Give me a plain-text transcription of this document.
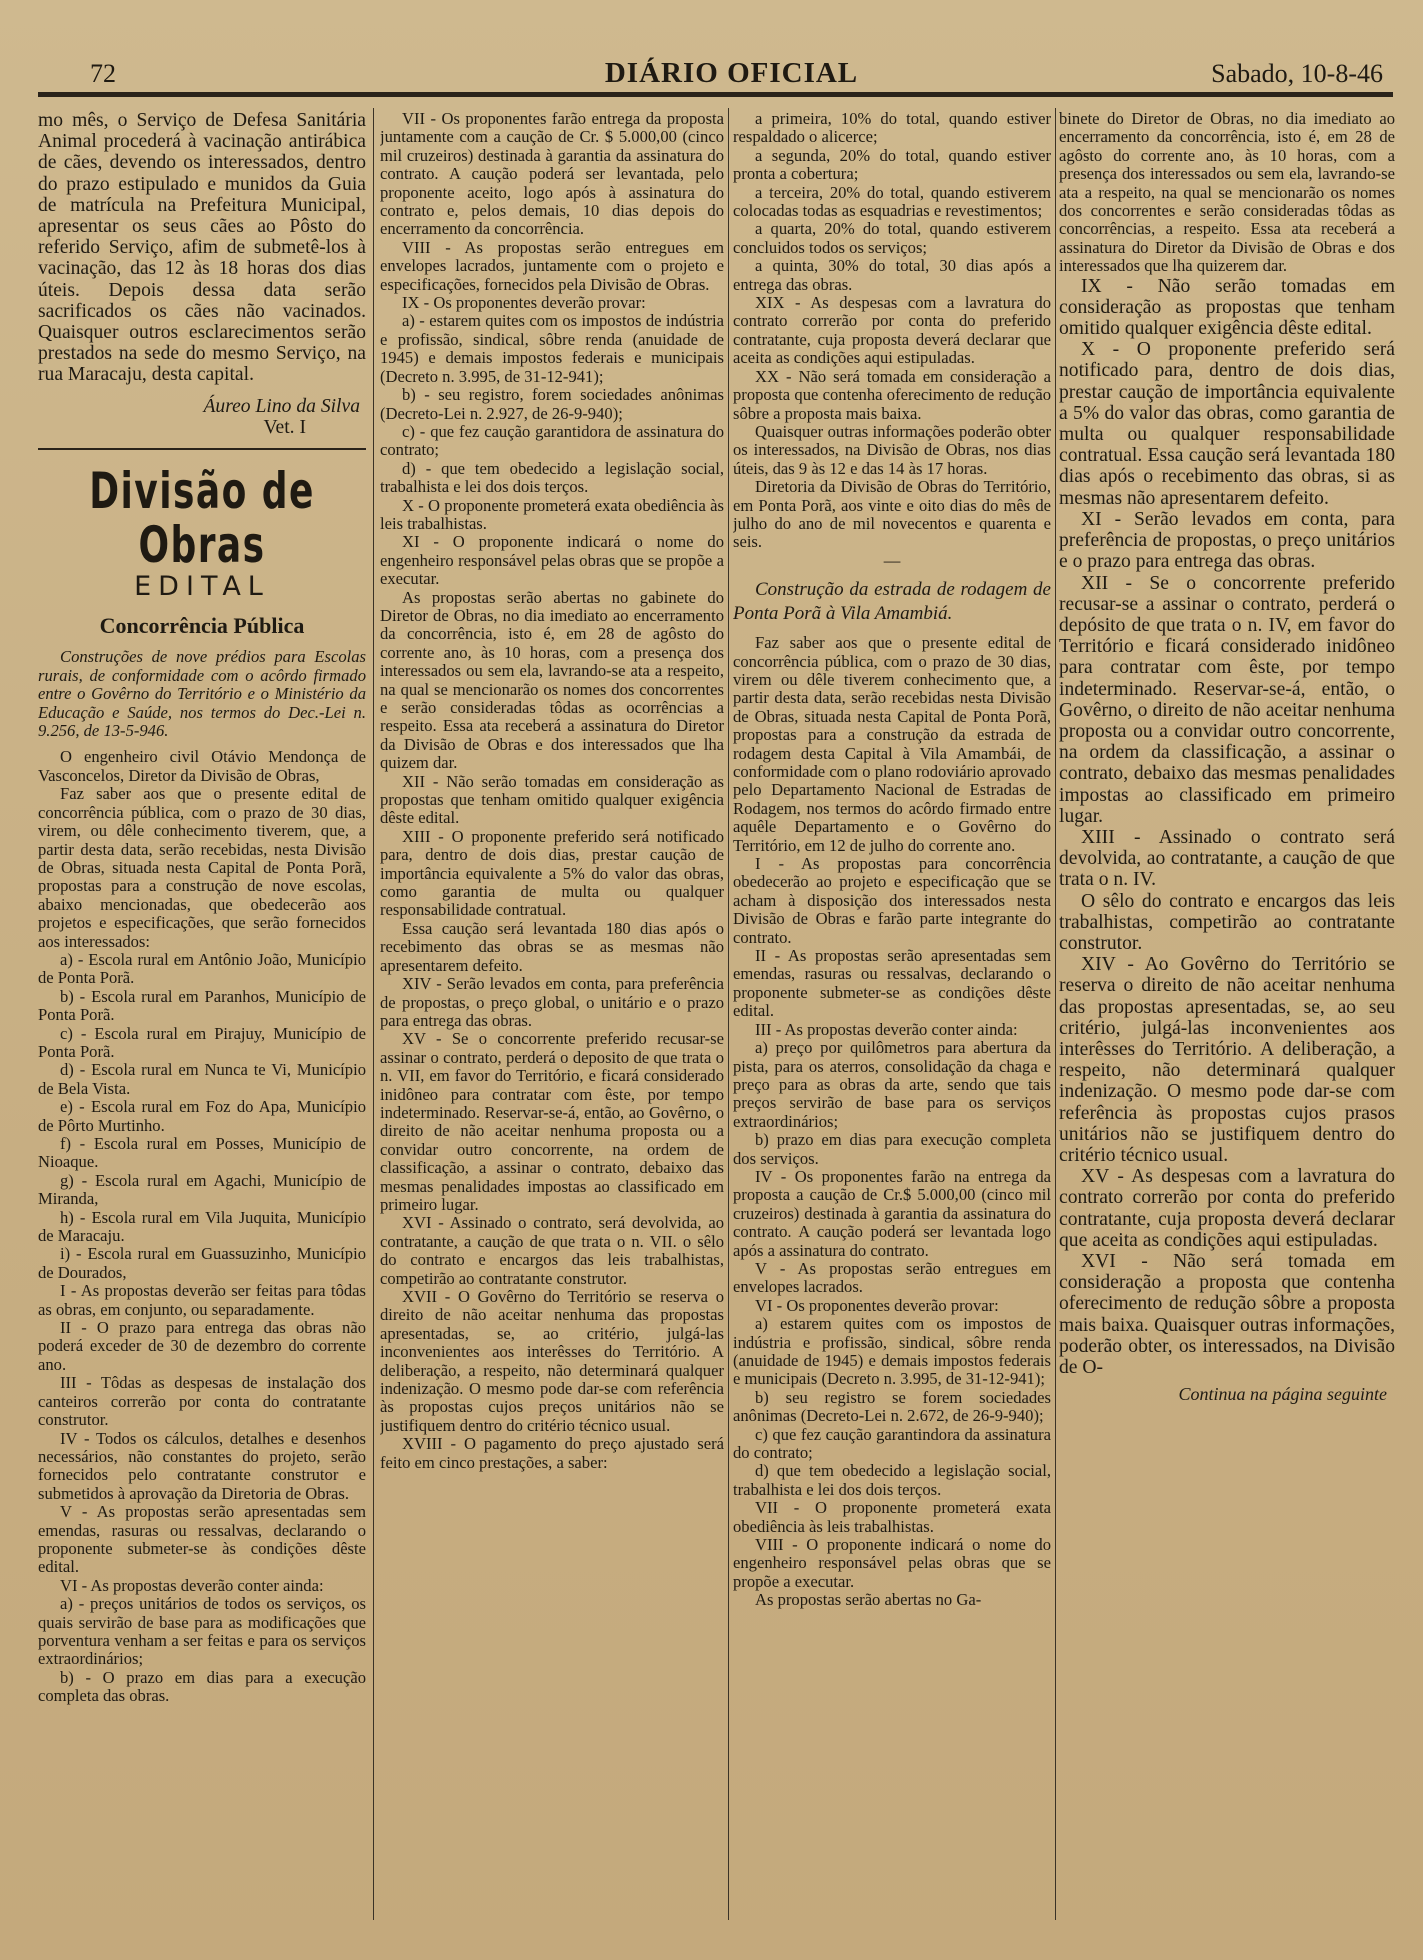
72	DIÁRIO OFICIAL	Sabado, 10-8-46

mo mês, o Serviço de Defesa Sanitária Animal procederá à vacinação antirábica de cães, devendo os interessados, dentro do prazo estipulado e munidos da Guia de matrícula na Prefeitura Municipal, apresentar os seus cães ao Pôsto do referido Serviço, afim de submetê-los à vacinação, das 12 às 18 horas dos dias úteis. Depois dessa data serão sacrificados os cães não vacinados. Quaisquer outros esclarecimentos serão prestados na sede do mesmo Serviço, na rua Maracaju, desta capital.

Áureo Lino da Silva
Vet. I
Divisão de Obras
EDITAL
Concorrência Pública

Construções de nove prédios para Escolas rurais, de conformidade com o acôrdo firmado entre o Govêrno do Território e o Ministério da Educação e Saúde, nos termos do Dec.-Lei n. 9.256, de 13-5-946.

O engenheiro civil Otávio Mendonça de Vasconcelos, Diretor da Divisão de Obras,

Faz saber aos que o presente edital de concorrência pública, com o prazo de 30 dias, virem, ou dêle conhecimento tiverem, que, a partir desta data, serão recebidas, nesta Divisão de Obras, situada nesta Capital de Ponta Porã, propostas para a construção de nove escolas, abaixo mencionadas, que obedecerão aos projetos e especificações, que serão fornecidos aos interessados:

a) - Escola rural em Antônio João, Município de Ponta Porã.

b) - Escola rural em Paranhos, Município de Ponta Porã.

c) - Escola rural em Pirajuy, Município de Ponta Porã.

d) - Escola rural em Nunca te Vi, Município de Bela Vista.

e) - Escola rural em Foz do Apa, Município de Pôrto Murtinho.

f) - Escola rural em Posses, Município de Nioaque.

g) - Escola rural em Agachi, Município de Miranda,

h) - Escola rural em Vila Juquita, Município de Maracaju.

i) - Escola rural em Guassuzinho, Município de Dourados,

I - As propostas deverão ser feitas para tôdas as obras, em conjunto, ou separadamente.

II - O prazo para entrega das obras não poderá exceder de 30 de dezembro do corrente ano.

III - Tôdas as despesas de instalação dos canteiros correrão por conta do contratante construtor.

IV - Todos os cálculos, detalhes e desenhos necessários, não constantes do projeto, serão fornecidos pelo contratante construtor e submetidos à aprovação da Diretoria de Obras.

V - As propostas serão apresentadas sem emendas, rasuras ou ressalvas, declarando o proponente submeter-se às condições dêste edital.

VI - As propostas deverão conter ainda:

a) - preços unitários de todos os serviços, os quais servirão de base para as modificações que porventura venham a ser feitas e para os serviços extraordinários;

b) - O prazo em dias para a execução completa das obras.

VII - Os proponentes farão entrega da proposta juntamente com a caução de Cr. $ 5.000,00 (cinco mil cruzeiros) destinada à garantia da assinatura do contrato. A caução poderá ser levantada, pelo proponente aceito, logo após à assinatura do contrato e, pelos demais, 10 dias depois do encerramento da concorrência.

VIII - As propostas serão entregues em envelopes lacrados, juntamente com o projeto e especificações, fornecidos pela Divisão de Obras.

IX - Os proponentes deverão provar:

a) - estarem quites com os impostos de indústria e profissão, sindical, sôbre renda (anuidade de 1945) e demais impostos federais e municipais (Decreto n. 3.995, de 31-12-941);

b) - seu registro, forem sociedades anônimas (Decreto-Lei n. 2.927, de 26-9-940);

c) - que fez caução garantidora de assinatura do contrato;

d) - que tem obedecido a legislação social, trabalhista e lei dos dois terços.

X - O proponente prometerá exata obediência às leis trabalhistas.

XI - O proponente indicará o nome do engenheiro responsável pelas obras que se propõe a executar.

As propostas serão abertas no gabinete do Diretor de Obras, no dia imediato ao encerramento da concorrência, isto é, em 28 de agôsto do corrente ano, às 10 horas, com a presença dos interessados ou sem ela, lavrando-se ata a respeito, na qual se mencionarão os nomes dos concorrentes e serão consideradas tôdas as ocorrências a respeito. Essa ata receberá a assinatura do Diretor da Divisão de Obras e dos interessados que lha quizem dar.

XII - Não serão tomadas em consideração as propostas que tenham omitido qualquer exigência dêste edital.

XIII - O proponente preferido será notificado para, dentro de dois dias, prestar caução de importância equivalente a 5% do valor das obras, como garantia de multa ou qualquer responsabilidade contratual.

Essa caução será levantada 180 dias após o recebimento das obras se as mesmas não apresentarem defeito.

XIV - Serão levados em conta, para preferência de propostas, o preço global, o unitário e o prazo para entrega das obras.

XV - Se o concorrente preferido recusar-se assinar o contrato, perderá o deposito de que trata o n. VII, em favor do Território, e ficará considerado inidôneo para contratar com êste, por tempo indeterminado. Reservar-se-á, então, ao Govêrno, o direito de não aceitar nenhuma proposta ou a convidar outro concorrente, na ordem de classificação, a assinar o contrato, debaixo das mesmas penalidades impostas ao classificado em primeiro lugar.

XVI - Assinado o contrato, será devolvida, ao contratante, a caução de que trata o n. VII. o sêlo do contrato e encargos das leis trabalhistas, competirão ao contratante construtor.

XVII - O Govêrno do Território se reserva o direito de não aceitar nenhuma das propostas apresentadas, se, ao critério, julgá-las inconvenientes aos interêsses do Território. A deliberação, a respeito, não determinará qualquer indenização. O mesmo pode dar-se com referência às propostas cujos preços unitários não se justifiquem dentro do critério técnico usual.

XVIII - O pagamento do preço ajustado será feito em cinco prestações, a saber:

a primeira, 10% do total, quando estiver respaldado o alicerce;

a segunda, 20% do total, quando estiver pronta a cobertura;

a terceira, 20% do total, quando estiverem colocadas todas as esquadrias e revestimentos;

a quarta, 20% do total, quando estiverem concluidos todos os serviços;

a quinta, 30% do total, 30 dias após a entrega das obras.

XIX - As despesas com a lavratura do contrato correrão por conta do preferido contratante, cuja proposta deverá declarar que aceita as condições aqui estipuladas.

XX - Não será tomada em consideração a proposta que contenha oferecimento de redução sôbre a proposta mais baixa.

Quaisquer outras informações poderão obter os interessados, na Divisão de Obras, nos dias úteis, das 9 às 12 e das 14 às 17 horas.

Diretoria da Divisão de Obras do Território, em Ponta Porã, aos vinte e oito dias do mês de julho do ano de mil novecentos e quarenta e seis.

—

Construção da estrada de rodagem de Ponta Porã à Vila Amambiá.

Faz saber aos que o presente edital de concorrência pública, com o prazo de 30 dias, virem ou dêle tiverem conhecimento que, a partir desta data, serão recebidas nesta Divisão de Obras, situada nesta Capital de Ponta Porã, propostas para a construção da estrada de rodagem desta Capital à Vila Amambái, de conformidade com o plano rodoviário aprovado pelo Departamento Nacional de Estradas de Rodagem, nos termos do acôrdo firmado entre aquêle Departamento e o Govêrno do Território, em 12 de julho do corrente ano.

I - As propostas para concorrência obedecerão ao projeto e especificação que se acham à disposição dos interessados nesta Divisão de Obras e farão parte integrante do contrato.

II - As propostas serão apresentadas sem emendas, rasuras ou ressalvas, declarando o proponente submeter-se as condições dêste edital.

III - As propostas deverão conter ainda:

a) preço por quilômetros para abertura da pista, para os aterros, consolidação da chaga e preço para as obras da arte, sendo que tais preços servirão de base para os serviços extraordinários;

b) prazo em dias para execução completa dos serviços.

IV - Os proponentes farão na entrega da proposta a caução de Cr.$ 5.000,00 (cinco mil cruzeiros) destinada à garantia da assinatura do contrato. A caução poderá ser levantada logo após a assinatura do contrato.

V - As propostas serão entregues em envelopes lacrados.

VI - Os proponentes deverão provar:

a) estarem quites com os impostos de indústria e profissão, sindical, sôbre renda (anuidade de 1945) e demais impostos federais e municipais (Decreto n. 3.995, de 31-12-941);

b) seu registro se forem sociedades anônimas (Decreto-Lei n. 2.672, de 26-9-940);

c) que fez caução garantindora da assinatura do contrato;

d) que tem obedecido a legislação social, trabalhista e lei dos dois terços.

VII - O proponente prometerá exata obediência às leis trabalhistas.

VIII - O proponente indicará o nome do engenheiro responsável pelas obras que se propõe a executar.

As propostas serão abertas no Ga-

binete do Diretor de Obras, no dia imediato ao encerramento da concorrência, isto é, em 28 de agôsto do corrente ano, às 10 horas, com a presença dos interessados ou sem ela, lavrando-se ata a respeito, na qual se mencionarão os nomes dos concorrentes e serão consideradas tôdas as concorrências, a respeito. Essa ata receberá a assinatura do Diretor da Divisão de Obras e dos interessados que lha quizerem dar.

IX - Não serão tomadas em consideração as propostas que tenham omitido qualquer exigência dêste edital.

X - O proponente preferido será notificado para, dentro de dois dias, prestar caução de importância equivalente a 5% do valor das obras, como garantia de multa ou qualquer responsabilidade contratual. Essa caução será levantada 180 dias após o recebimento das obras, si as mesmas não apresentarem defeito.

XI - Serão levados em conta, para preferência de propostas, o preço unitários e o prazo para entrega das obras.

XII - Se o concorrente preferido recusar-se a assinar o contrato, perderá o depósito de que trata o n. IV, em favor do Território e ficará considerado inidôneo para contratar com êste, por tempo indeterminado. Reservar-se-á, então, o Govêrno, o direito de não aceitar nenhuma proposta ou a convidar outro concorrente, na ordem da classificação, a assinar o contrato, debaixo das mesmas penalidades impostas ao classificado em primeiro lugar.

XIII - Assinado o contrato será devolvida, ao contratante, a caução de que trata o n. IV.

O sêlo do contrato e encargos das leis trabalhistas, competirão ao contratante construtor.

XIV - Ao Govêrno do Território se reserva o direito de não aceitar nenhuma das propostas apresentadas, se, ao seu critério, julgá-las inconvenientes aos interêsses do Território. A deliberação, a respeito, não determinará qualquer indenização. O mesmo pode dar-se com referência às propostas cujos prasos unitários não se justifiquem dentro do critério técnico usual.

XV - As despesas com a lavratura do contrato correrão por conta do preferido contratante, cuja proposta deverá declarar que aceita as condições aqui estipuladas.

XVI - Não será tomada em consideração a proposta que contenha oferecimento de redução sôbre a proposta mais baixa. Quaisquer outras informações, poderão obter, os interessados, na Divisão de O-

Continua na página seguinte
